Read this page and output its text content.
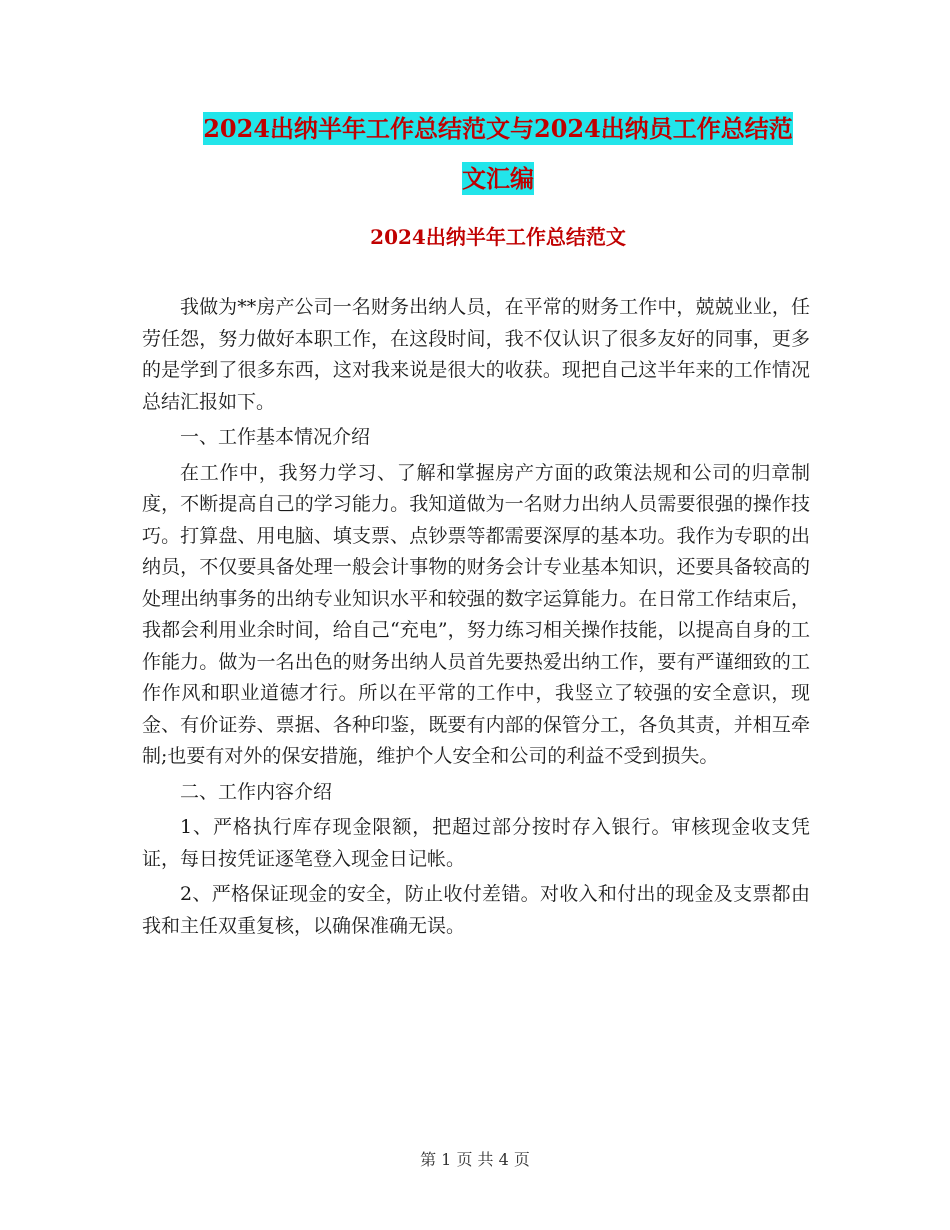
2024出纳半年工作总结范文与2024出纳员工作总结范
文汇编
2024出纳半年工作总结范文

我做为**房产公司一名财务出纳人员，在平常的财务工作中，兢兢业业，任劳任怨，努力做好本职工作，在这段时间，我不仅认识了很多友好的同事，更多的是学到了很多东西，这对我来说是很大的收获。现把自己这半年来的工作情况总结汇报如下。

一、工作基本情况介绍

在工作中，我努力学习、了解和掌握房产方面的政策法规和公司的归章制度，不断提高自己的学习能力。我知道做为一名财力出纳人员需要很强的操作技巧。打算盘、用电脑、填支票、点钞票等都需要深厚的基本功。我作为专职的出纳员，不仅要具备处理一般会计事物的财务会计专业基本知识，还要具备较高的处理出纳事务的出纳专业知识水平和较强的数字运算能力。在日常工作结束后，我都会利用业余时间，给自己“充电”，努力练习相关操作技能，以提高自身的工作能力。做为一名出色的财务出纳人员首先要热爱出纳工作，要有严谨细致的工作作风和职业道德才行。所以在平常的工作中，我竖立了较强的安全意识，现金、有价证券、票据、各种印鉴，既要有内部的保管分工，各负其责，并相互牵制;也要有对外的保安措施，维护个人安全和公司的利益不受到损失。

二、工作内容介绍

1、严格执行库存现金限额，把超过部分按时存入银行。审核现金收支凭证，每日按凭证逐笔登入现金日记帐。

2、严格保证现金的安全，防止收付差错。对收入和付出的现金及支票都由我和主任双重复核，以确保准确无误。

第 1 页 共 4 页
